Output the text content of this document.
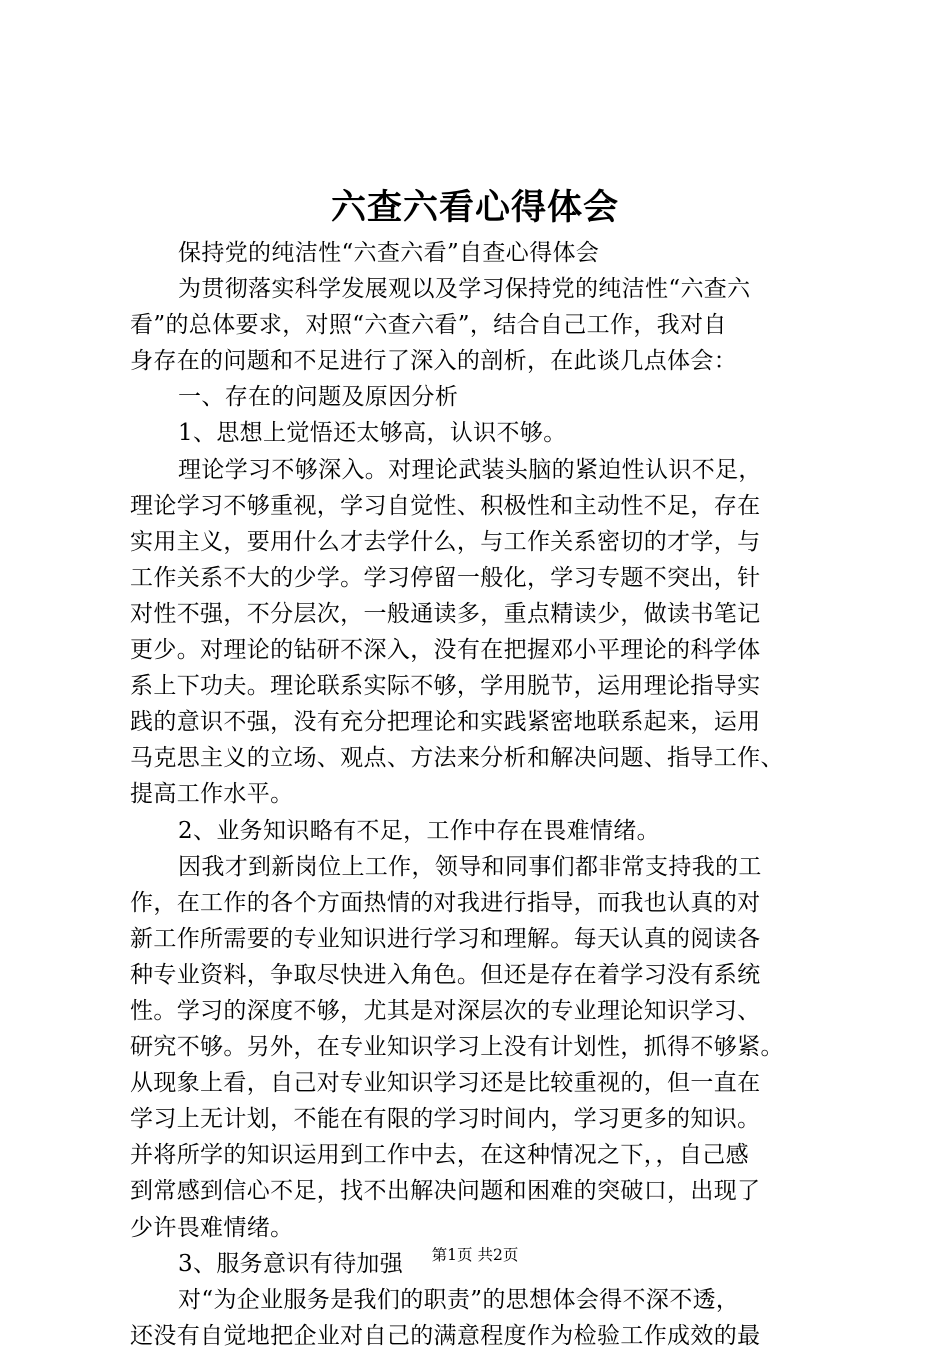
六查六看心得体会
保持党的纯洁性“六查六看”自查心得体会
为贯彻落实科学发展观以及学习保持党的纯洁性“六查六
看”的总体要求，对照“六查六看”，结合自己工作，我对自
身存在的问题和不足进行了深入的剖析，在此谈几点体会：
一、存在的问题及原因分析
1、思想上觉悟还太够高，认识不够。
理论学习不够深入。对理论武装头脑的紧迫性认识不足，
理论学习不够重视，学习自觉性、积极性和主动性不足，存在
实用主义，要用什么才去学什么，与工作关系密切的才学，与
工作关系不大的少学。学习停留一般化，学习专题不突出，针
对性不强，不分层次，一般通读多，重点精读少，做读书笔记
更少。对理论的钻研不深入，没有在把握邓小平理论的科学体
系上下功夫。理论联系实际不够，学用脱节，运用理论指导实
践的意识不强，没有充分把理论和实践紧密地联系起来，运用
马克思主义的立场、观点、方法来分析和解决问题、指导工作、
提高工作水平。
2、业务知识略有不足，工作中存在畏难情绪。
因我才到新岗位上工作，领导和同事们都非常支持我的工
作，在工作的各个方面热情的对我进行指导，而我也认真的对
新工作所需要的专业知识进行学习和理解。每天认真的阅读各
种专业资料，争取尽快进入角色。但还是存在着学习没有系统
性。学习的深度不够，尤其是对深层次的专业理论知识学习、
研究不够。另外，在专业知识学习上没有计划性，抓得不够紧。
从现象上看，自己对专业知识学习还是比较重视的，但一直在
学习上无计划，不能在有限的学习时间内，学习更多的知识。
并将所学的知识运用到工作中去，在这种情况之下，，自己感
到常感到信心不足，找不出解决问题和困难的突破口，出现了
少许畏难情绪。
3、服务意识有待加强
对“为企业服务是我们的职责”的思想体会得不深不透，
还没有自觉地把企业对自己的满意程度作为检验工作成效的最
第1页 共2页
